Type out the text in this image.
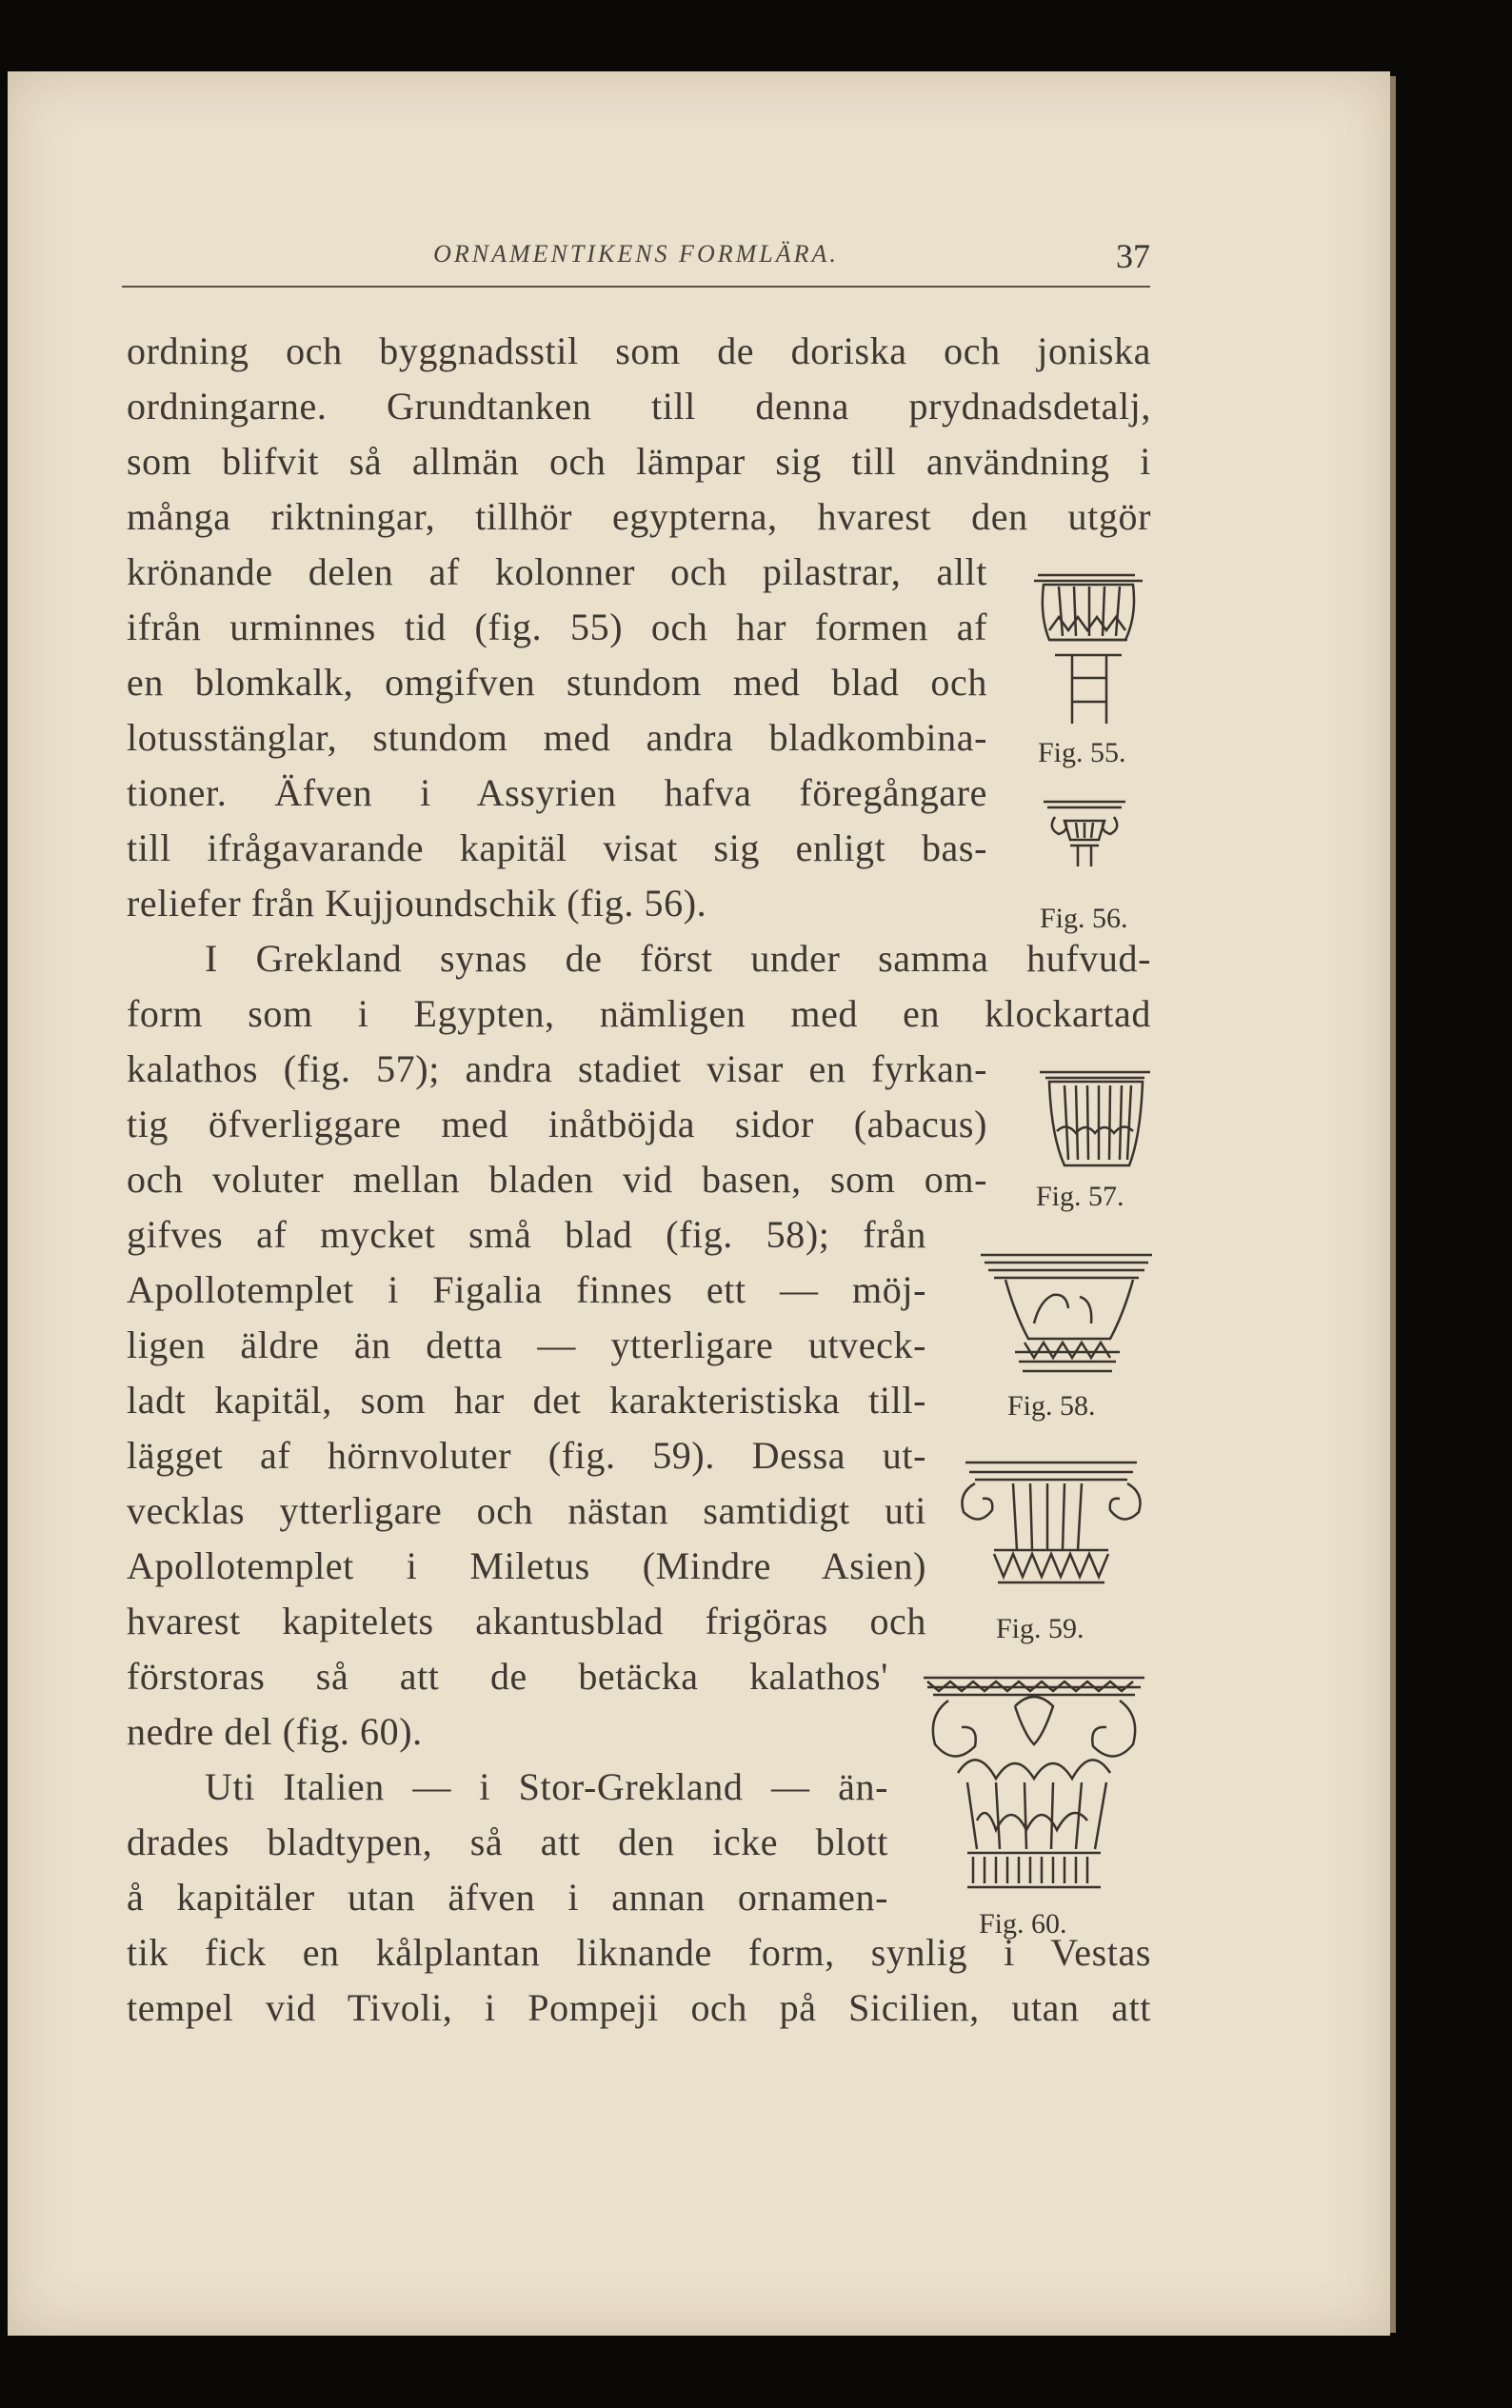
ORNAMENTIKENS FORMLÄRA.	37
ordning och byggnadsstil som de doriska och joniska
ordningarne. Grundtanken till denna prydnadsdetalj,
som blifvit så allmän och lämpar sig till användning i
många riktningar, tillhör egypterna, hvarest den utgör
krönande delen af kolonner och pilastrar, allt
ifrån urminnes tid (fig. 55) och har formen af
en blomkalk, omgifven stundom med blad och
lotusstänglar, stundom med andra bladkombina-
tioner. Äfven i Assyrien hafva föregångare
till ifrågavarande kapitäl visat sig enligt bas-
reliefer från Kujjoundschik (fig. 56).
I Grekland synas de först under samma hufvud-
form som i Egypten, nämligen med en klockartad
kalathos (fig. 57); andra stadiet visar en fyrkan-
tig öfverliggare med inåtböjda sidor (abacus)
och voluter mellan bladen vid basen, som om-
gifves af mycket små blad (fig. 58); från
Apollotemplet i Figalia finnes ett — möj-
ligen äldre än detta — ytterligare utveck-
ladt kapitäl, som har det karakteristiska till-
lägget af hörnvoluter (fig. 59). Dessa ut-
vecklas ytterligare och nästan samtidigt uti
Apollotemplet i Miletus (Mindre Asien)
hvarest kapitelets akantusblad frigöras och
förstoras så att de betäcka kalathos'
nedre del (fig. 60).
Uti Italien — i Stor-Grekland — än-
drades bladtypen, så att den icke blott
å kapitäler utan äfven i annan ornamen-
tik fick en kålplantan liknande form, synlig i Vestas
tempel vid Tivoli, i Pompeji och på Sicilien, utan att
Fig. 55.
Fig. 56.
Fig. 57.
Fig. 58.
Fig. 59.
Fig. 60.
